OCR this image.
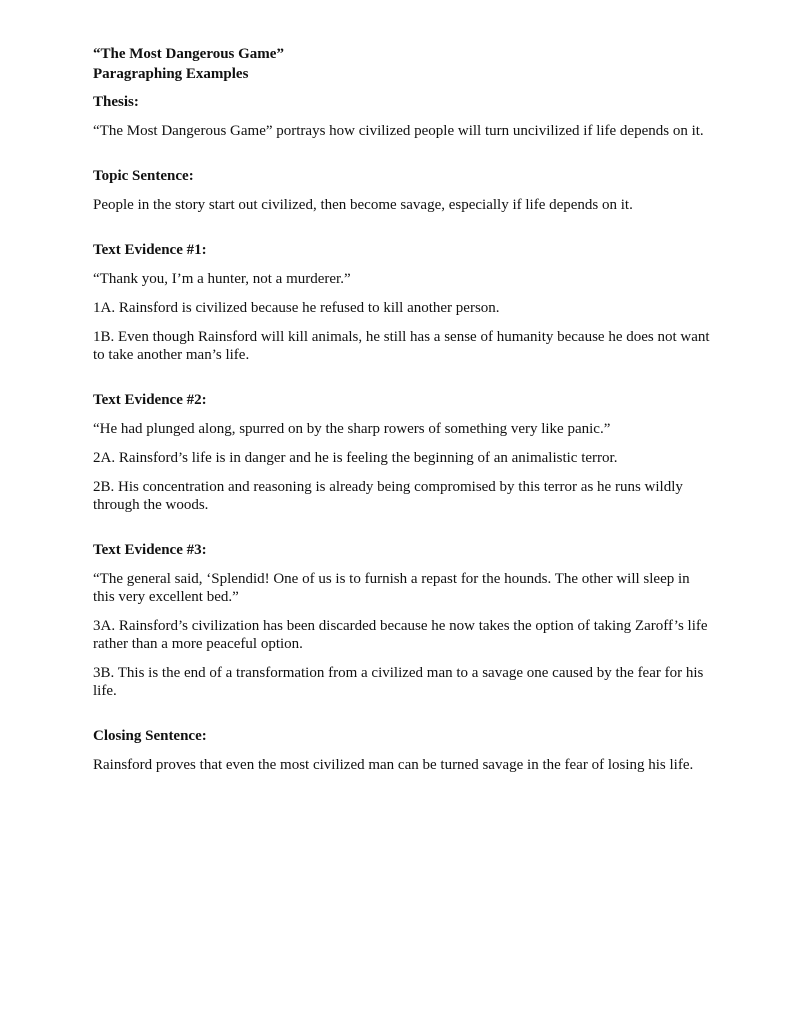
“The Most Dangerous Game”
Paragraphing Examples
Thesis:

“The Most Dangerous Game” portrays how civilized people will turn uncivilized if life depends on it.

Topic Sentence:

People in the story start out civilized, then become savage, especially if life depends on it.

Text Evidence #1:

“Thank you, I’m a hunter, not a murderer.”

1A. Rainsford is civilized because he refused to kill another person.

1B. Even though Rainsford will kill animals, he still has a sense of humanity because he does not want to take another man’s life.

Text Evidence #2:

“He had plunged along, spurred on by the sharp rowers of something very like panic.”

2A. Rainsford’s life is in danger and he is feeling the beginning of an animalistic terror.

2B. His concentration and reasoning is already being compromised by this terror as he runs wildly through the woods.

Text Evidence #3:

“The general said, ‘Splendid! One of us is to furnish a repast for the hounds. The other will sleep in this very excellent bed.”

3A. Rainsford’s civilization has been discarded because he now takes the option of taking Zaroff’s life rather than a more peaceful option.

3B. This is the end of a transformation from a civilized man to a savage one caused by the fear for his life.

Closing Sentence:

Rainsford proves that even the most civilized man can be turned savage in the fear of losing his life.
